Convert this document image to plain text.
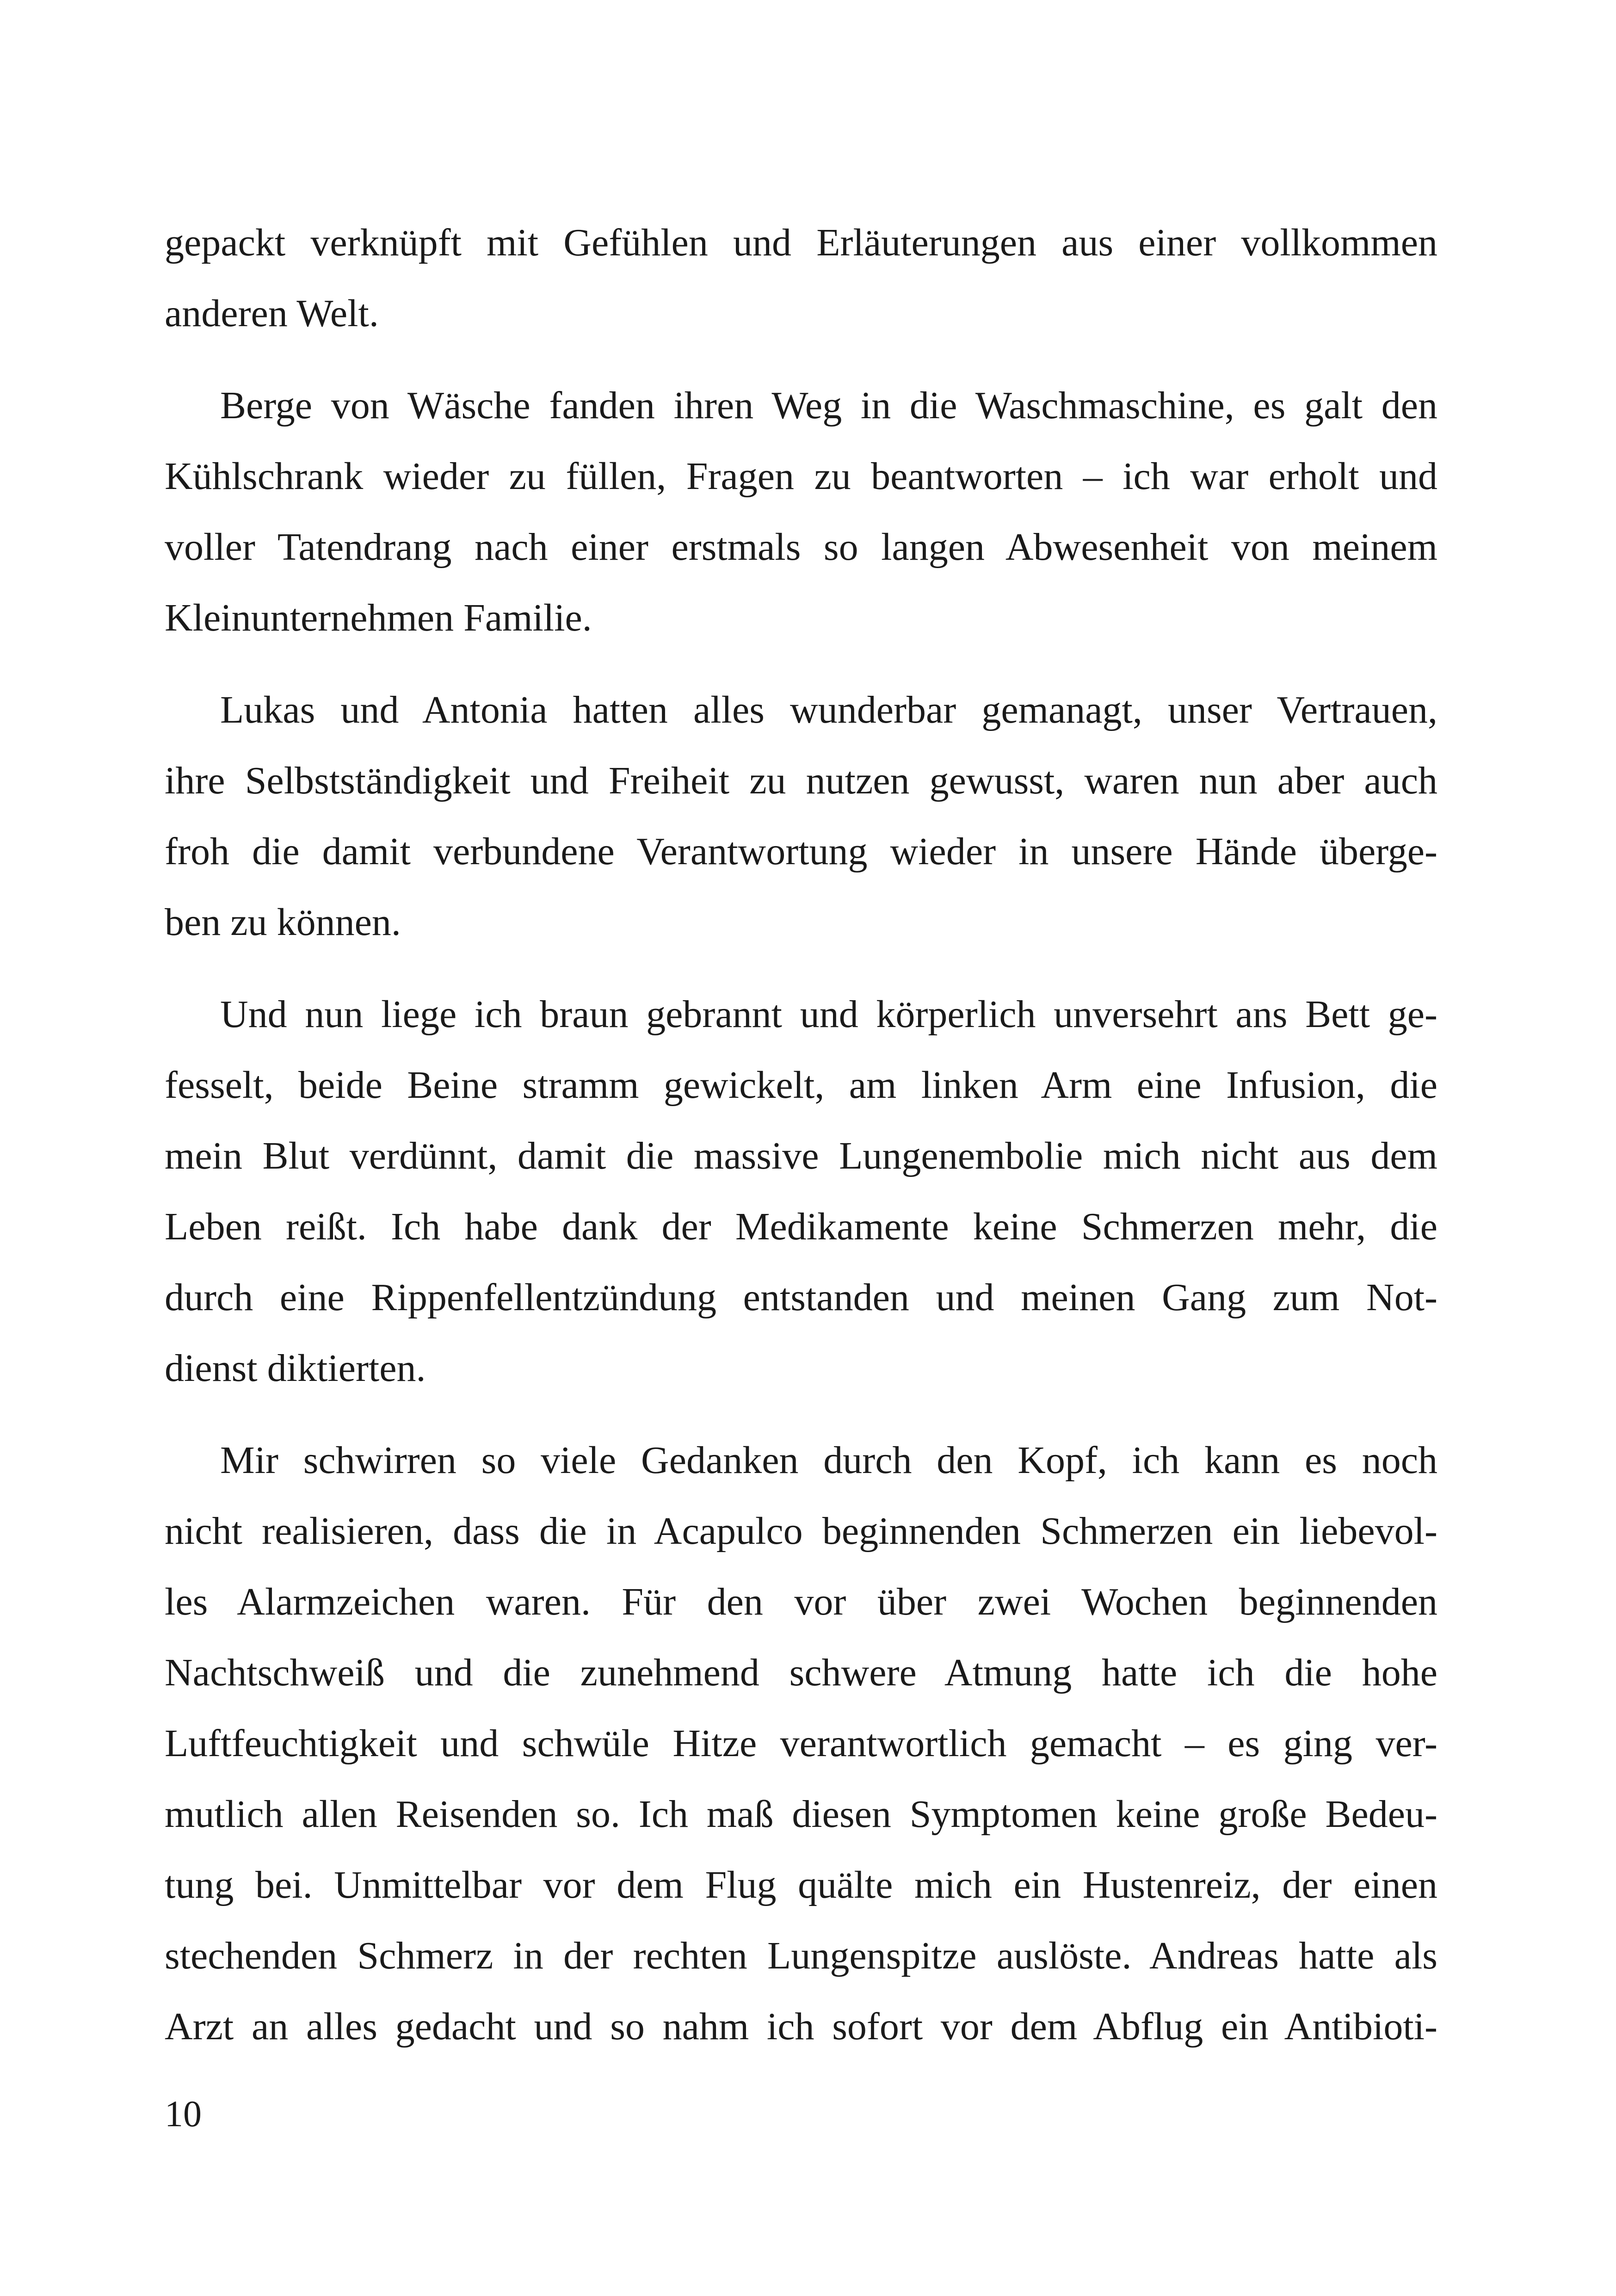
gepackt verknüpft mit Gefühlen und Erläuterungen aus einer vollkommen
anderen Welt.
Berge von Wäsche fanden ihren Weg in die Waschmaschine, es galt den
Kühlschrank wieder zu füllen, Fragen zu beantworten – ich war erholt und
voller Tatendrang nach einer erstmals so langen Abwesenheit von meinem
Kleinunternehmen Familie.
Lukas und Antonia hatten alles wunderbar gemanagt, unser Vertrauen,
ihre Selbstständigkeit und Freiheit zu nutzen gewusst, waren nun aber auch
froh die damit verbundene Verantwortung wieder in unsere Hände überge-
ben zu können.
Und nun liege ich braun gebrannt und körperlich unversehrt ans Bett ge-
fesselt, beide Beine stramm gewickelt, am linken Arm eine Infusion, die
mein Blut verdünnt, damit die massive Lungenembolie mich nicht aus dem
Leben reißt. Ich habe dank der Medikamente keine Schmerzen mehr, die
durch eine Rippenfellentzündung entstanden und meinen Gang zum Not-
dienst diktierten.
Mir schwirren so viele Gedanken durch den Kopf, ich kann es noch
nicht realisieren, dass die in Acapulco beginnenden Schmerzen ein liebevol-
les Alarmzeichen waren. Für den vor über zwei Wochen beginnenden
Nachtschweiß und die zunehmend schwere Atmung hatte ich die hohe
Luftfeuchtigkeit und schwüle Hitze verantwortlich gemacht – es ging ver-
mutlich allen Reisenden so. Ich maß diesen Symptomen keine große Bedeu-
tung bei. Unmittelbar vor dem Flug quälte mich ein Hustenreiz, der einen
stechenden Schmerz in der rechten Lungenspitze auslöste. Andreas hatte als
Arzt an alles gedacht und so nahm ich sofort vor dem Abflug ein Antibioti-
10
